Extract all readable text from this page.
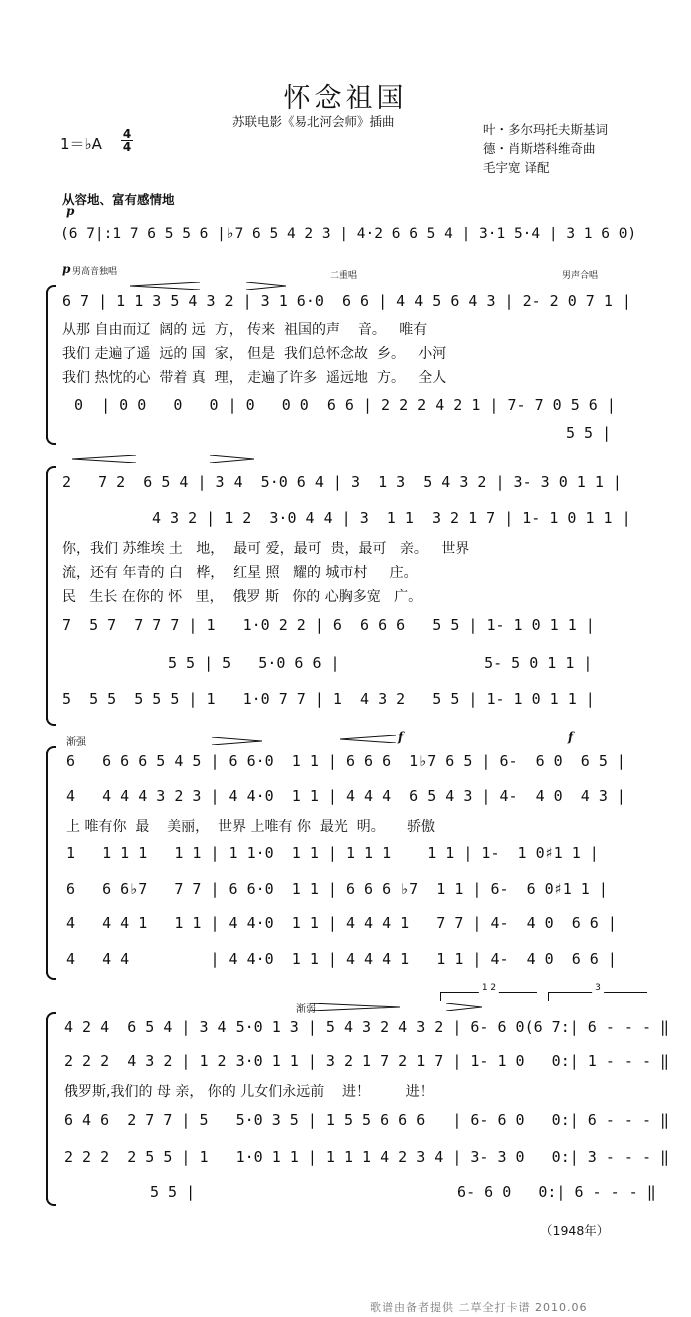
怀念祖国
苏联电影《易北河会师》插曲
叶・多尔玛托夫斯基词
德・肖斯塔科维奇曲
毛宇宽 译配
1＝♭A
4
4
从容地、富有感情地
p
(6 7|:1 7 6 5 5 6 |♭7 6 5 4 2 3 | 4·2 6 6 5 4 | 3·1 5·4 | 3 1 6 0)
p 男高音独唱	二重唱	男声合唱
6 7 | 1 1 3 5 4 3 2 | 3 1 6·0  6 6 | 4 4 5 6 4 3 | 2- 2 0 7 1 |
从那 自由而辽  阔的 远  方， 传来  祖国的声    音。   唯有
我们 走遍了遥  远的 国  家， 但是  我们总怀念故  乡。   小河
我们 热忱的心  带着 真  理， 走遍了许多  遥远地  方。   全人
0  | 0 0   0   0 | 0   0 0  6 6 | 2 2 2 4 2 1 | 7- 7 0 5 6 |
5 5 |
2   7 2  6 5 4 | 3 4  5·0 6 4 | 3  1 3  5 4 3 2 | 3- 3 0 1 1 |
4 3 2 | 1 2  3·0 4 4 | 3  1 1  3 2 1 7 | 1- 1 0 1 1 |
你，我们 苏维埃 土   地，  最可 爱，最可  贵，最可   亲。   世界
流，还有 年青的 白   桦，  红星 照   耀的 城市村     庄。
民   生长 在你的 怀   里，  俄罗 斯   你的 心胸多宽   广。
7  5 7  7 7 7 | 1   1·0 2 2 | 6  6 6 6   5 5 | 1- 1 0 1 1 |
5 5 | 5   5·0 6 6 |                5- 5 0 1 1 |
5  5 5  5 5 5 | 1   1·0 7 7 | 1  4 3 2   5 5 | 1- 1 0 1 1 |
渐强	f	f
6   6 6 6 5 4 5 | 6 6·0  1 1 | 6 6 6  1♭7 6 5 | 6-  6 0  6 5 |
4   4 4 4 3 2 3 | 4 4·0  1 1 | 4 4 4  6 5 4 3 | 4-  4 0  4 3 |
上 唯有你  最    美丽，  世界 上唯有 你  最光  明。     骄傲
1   1 1 1   1 1 | 1 1·0  1 1 | 1 1 1    1 1 | 1-  1 0♯1 1 |
6   6 6♭7   7 7 | 6 6·0  1 1 | 6 6 6 ♭7  1 1 | 6-  6 0♯1 1 |
4   4 4 1   1 1 | 4 4·0  1 1 | 4 4 4 1   7 7 | 4-  4 0  6 6 |
4   4 4         | 4 4·0  1 1 | 4 4 4 1   1 1 | 4-  4 0  6 6 |
渐弱
1 2	3
4 2 4  6 5 4 | 3 4 5·0 1 3 | 5 4 3 2 4 3 2 | 6- 6 0(6 7:| 6 - - - ‖
2 2 2  4 3 2 | 1 2 3·0 1 1 | 3 2 1 7 2 1 7 | 1- 1 0   0:| 1 - - - ‖
俄罗斯,我们的 母 亲， 你的 儿女们永远前    进！        进！
6 4 6  2 7 7 | 5   5·0 3 5 | 1 5 5 6 6 6   | 6- 6 0   0:| 6 - - - ‖
2 2 2  2 5 5 | 1   1·0 1 1 | 1 1 1 4 2 3 4 | 3- 3 0   0:| 3 - - - ‖
5 5 |                             6- 6 0   0:| 6 - - - ‖
（1948年）
歌谱由备者提供 二草全打卡谱 2010.06
